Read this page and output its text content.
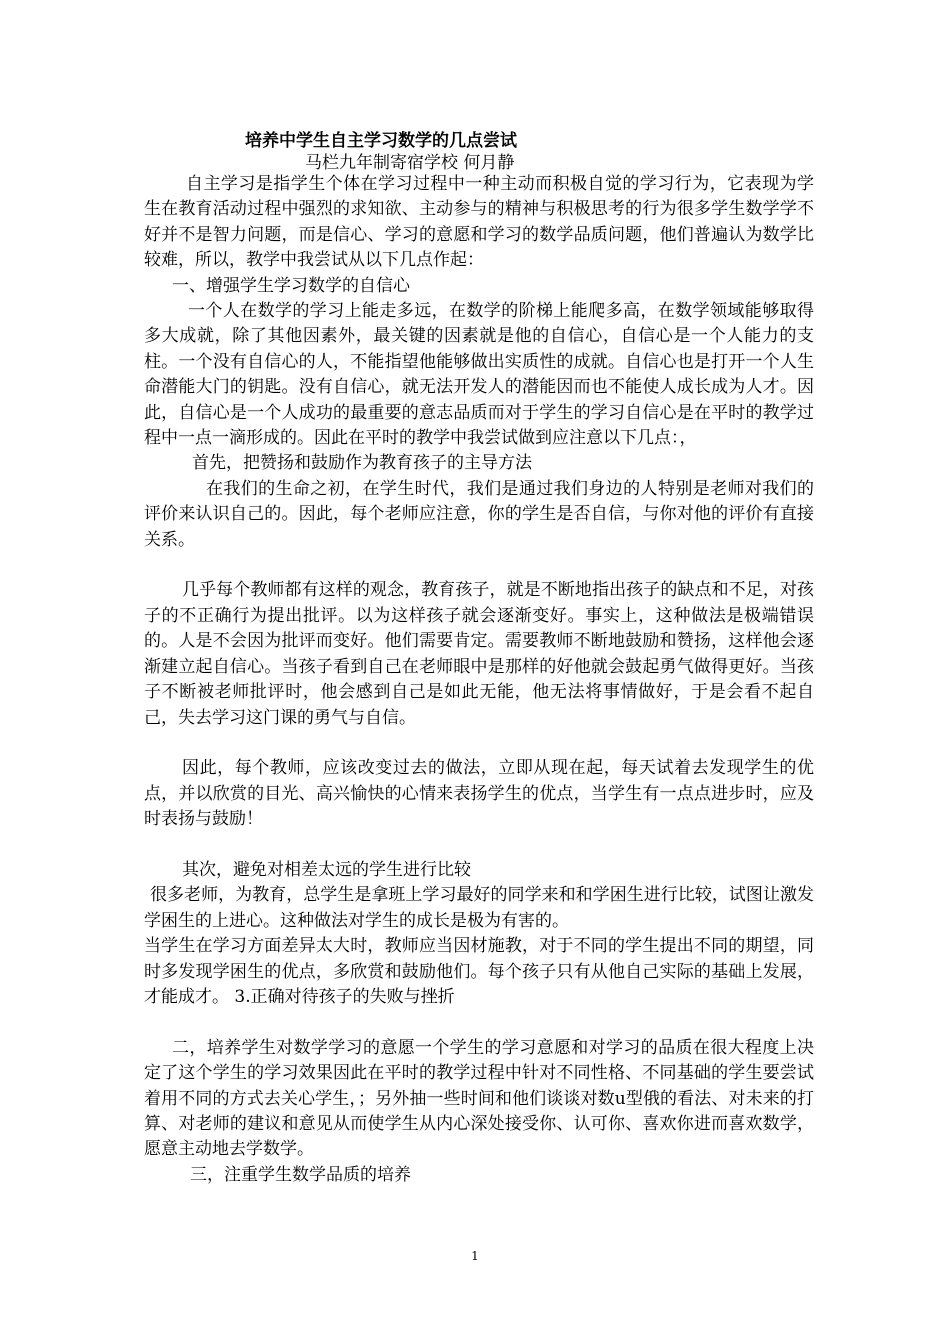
培养中学生自主学习数学的几点尝试
马栏九年制寄宿学校 何月静

自主学习是指学生个体在学习过程中一种主动而积极自觉的学习行为，它表现为学生在教育活动过程中强烈的求知欲、主动参与的精神与积极思考的行为很多学生数学学不好并不是智力问题，而是信心、学习的意愿和学习的数学品质问题，他们普遍认为数学比较难，所以，教学中我尝试从以下几点作起：

一、增强学生学习数学的自信心

一个人在数学的学习上能走多远，在数学的阶梯上能爬多高，在数学领域能够取得多大成就，除了其他因素外，最关键的因素就是他的自信心，自信心是一个人能力的支柱。一个没有自信心的人，不能指望他能够做出实质性的成就。自信心也是打开一个人生命潜能大门的钥匙。没有自信心，就无法开发人的潜能因而也不能使人成长成为人才。因此，自信心是一个人成功的最重要的意志品质而对于学生的学习自信心是在平时的教学过程中一点一滴形成的。因此在平时的教学中我尝试做到应注意以下几点：，

首先，把赞扬和鼓励作为教育孩子的主导方法

在我们的生命之初，在学生时代，我们是通过我们身边的人特别是老师对我们的评价来认识自己的。因此，每个老师应注意，你的学生是否自信，与你对他的评价有直接关系。

几乎每个教师都有这样的观念，教育孩子，就是不断地指出孩子的缺点和不足，对孩子的不正确行为提出批评。以为这样孩子就会逐渐变好。事实上，这种做法是极端错误的。人是不会因为批评而变好。他们需要肯定。需要教师不断地鼓励和赞扬，这样他会逐渐建立起自信心。当孩子看到自己在老师眼中是那样的好他就会鼓起勇气做得更好。当孩子不断被老师批评时，他会感到自己是如此无能，他无法将事情做好，于是会看不起自己，失去学习这门课的勇气与自信。

因此，每个教师，应该改变过去的做法，立即从现在起，每天试着去发现学生的优点，并以欣赏的目光、高兴愉快的心情来表扬学生的优点，当学生有一点点进步时，应及时表扬与鼓励！

其次，避免对相差太远的学生进行比较

很多老师，为教育，总学生是拿班上学习最好的同学来和和学困生进行比较，试图让激发学困生的上进心。这种做法对学生的成长是极为有害的。

当学生在学习方面差异太大时，教师应当因材施教，对于不同的学生提出不同的期望，同时多发现学困生的优点，多欣赏和鼓励他们。每个孩子只有从他自己实际的基础上发展，才能成才。 3.正确对待孩子的失败与挫折

二，培养学生对数学学习的意愿一个学生的学习意愿和对学习的品质在很大程度上决定了这个学生的学习效果因此在平时的教学过程中针对不同性格、不同基础的学生要尝试着用不同的方式去关心学生，；另外抽一些时间和他们谈谈对数u型俄的看法、对未来的打算、对老师的建议和意见从而使学生从内心深处接受你、认可你、喜欢你进而喜欢数学，愿意主动地去学数学。

三，注重学生数学品质的培养

1
